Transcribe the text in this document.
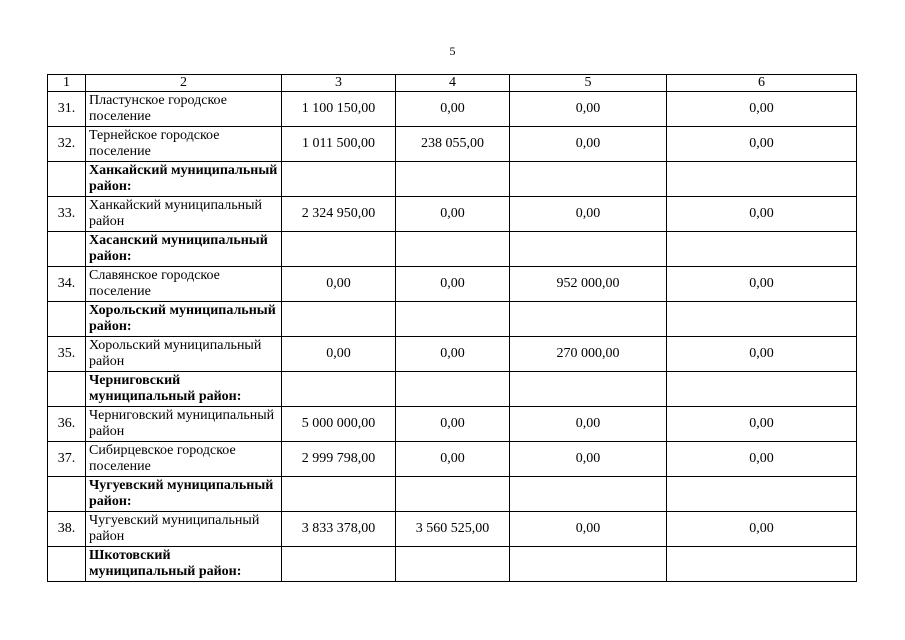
5
1	2	3	4	5	6
31.	Пластунское городское поселение	1 100 150,00	0,00	0,00	0,00
32.	Тернейское городское поселение	1 011 500,00	238 055,00	0,00	0,00
	Ханкайский муниципальный район:				
33.	Ханкайский муниципальный район	2 324 950,00	0,00	0,00	0,00
	Хасанский муниципальный район:				
34.	Славянское городское поселение	0,00	0,00	952 000,00	0,00
	Хорольский муниципальный район:				
35.	Хорольский муниципальный район	0,00	0,00	270 000,00	0,00
	Черниговский муниципальный район:				
36.	Черниговский муниципальный район	5 000 000,00	0,00	0,00	0,00
37.	Сибирцевское городское поселение	2 999 798,00	0,00	0,00	0,00
	Чугуевский муниципальный район:				
38.	Чугуевский муниципальный район	3 833 378,00	3 560 525,00	0,00	0,00
	Шкотовский муниципальный район:				
